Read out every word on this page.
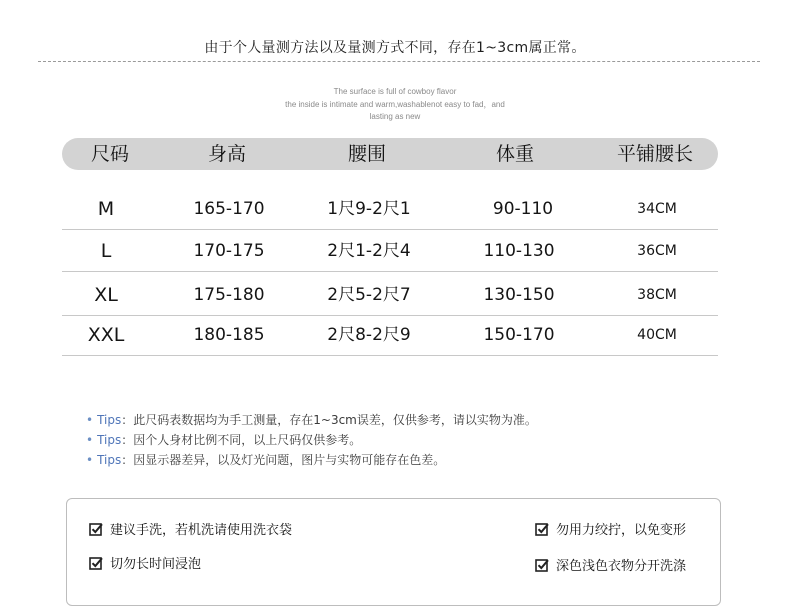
由于个人量测方法以及量测方式不同，存在1~3cm属正常。
The surface is full of cowboy flavor
the inside is intimate and warm,washablenot easy to fad，and
lasting as new
尺码	身高	腰围	体重	平铺腰长
M	165-170	1尺9-2尺1	90-110	34CM
L	170-175	2尺1-2尺4	110-130	36CM
XL	175-180	2尺5-2尺7	130-150	38CM
XXL	180-185	2尺8-2尺9	150-170	40CM
• Tips：此尺码表数据均为手工测量，存在1~3cm误差，仅供参考，请以实物为准。
• Tips：因个人身材比例不同，以上尺码仅供参考。
• Tips：因显示器差异，以及灯光问题，图片与实物可能存在色差。
建议手洗，若机洗请使用洗衣袋	勿用力绞拧，以免变形
切勿长时间浸泡	深色浅色衣物分开洗涤
